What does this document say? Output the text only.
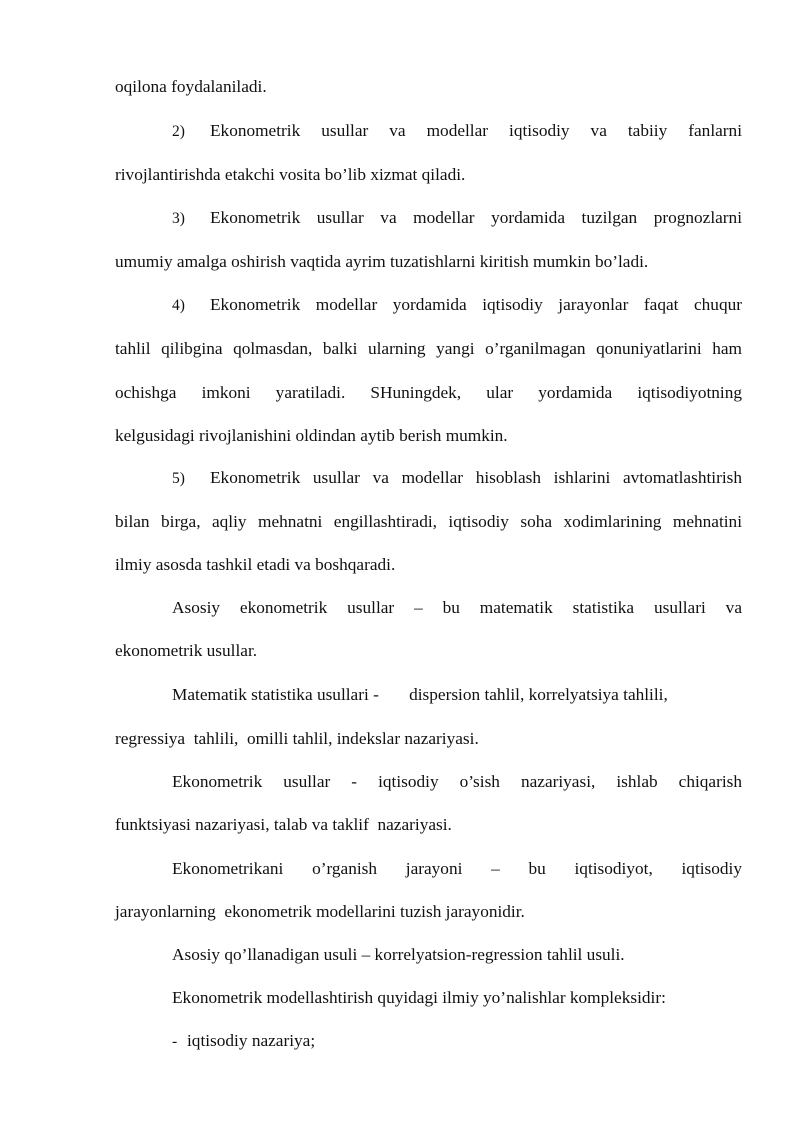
oqilona foydalaniladi.
2) Ekonometrik usullar va modellar iqtisodiy va tabiiy fanlarni
rivojlantirishda etakchi vosita bo’lib xizmat qiladi.
3) Ekonometrik usullar va modellar yordamida tuzilgan prognozlarni
umumiy amalga oshirish vaqtida ayrim tuzatishlarni kiritish mumkin bo’ladi.
4) Ekonometrik modellar yordamida iqtisodiy jarayonlar faqat chuqur
tahlil qilibgina qolmasdan, balki ularning yangi o’rganilmagan qonuniyatlarini ham
ochishga imkoni yaratiladi. SHuningdek, ular yordamida iqtisodiyotning
kelgusidagi rivojlanishini oldindan aytib berish mumkin.
5) Ekonometrik usullar va modellar hisoblash ishlarini avtomatlashtirish
bilan birga, aqliy mehnatni engillashtiradi, iqtisodiy soha xodimlarining mehnatini
ilmiy asosda tashkil etadi va boshqaradi.
Asosiy ekonometrik usullar – bu matematik statistika usullari va
ekonometrik usullar.
Matematik statistika usullari -       dispersion tahlil, korrelyatsiya tahlili,
regressiya  tahlili,  omilli tahlil, indekslar nazariyasi.
Ekonometrik usullar - iqtisodiy o’sish nazariyasi, ishlab chiqarish
funktsiyasi nazariyasi, talab va taklif  nazariyasi.
Ekonometrikani o’rganish jarayoni – bu iqtisodiyot, iqtisodiy
jarayonlarning  ekonometrik modellarini tuzish jarayonidir.
Asosiy qo’llanadigan usuli – korrelyatsion-regression tahlil usuli.
Ekonometrik modellashtirish quyidagi ilmiy yo’nalishlar kompleksidir:
- iqtisodiy nazariya;
